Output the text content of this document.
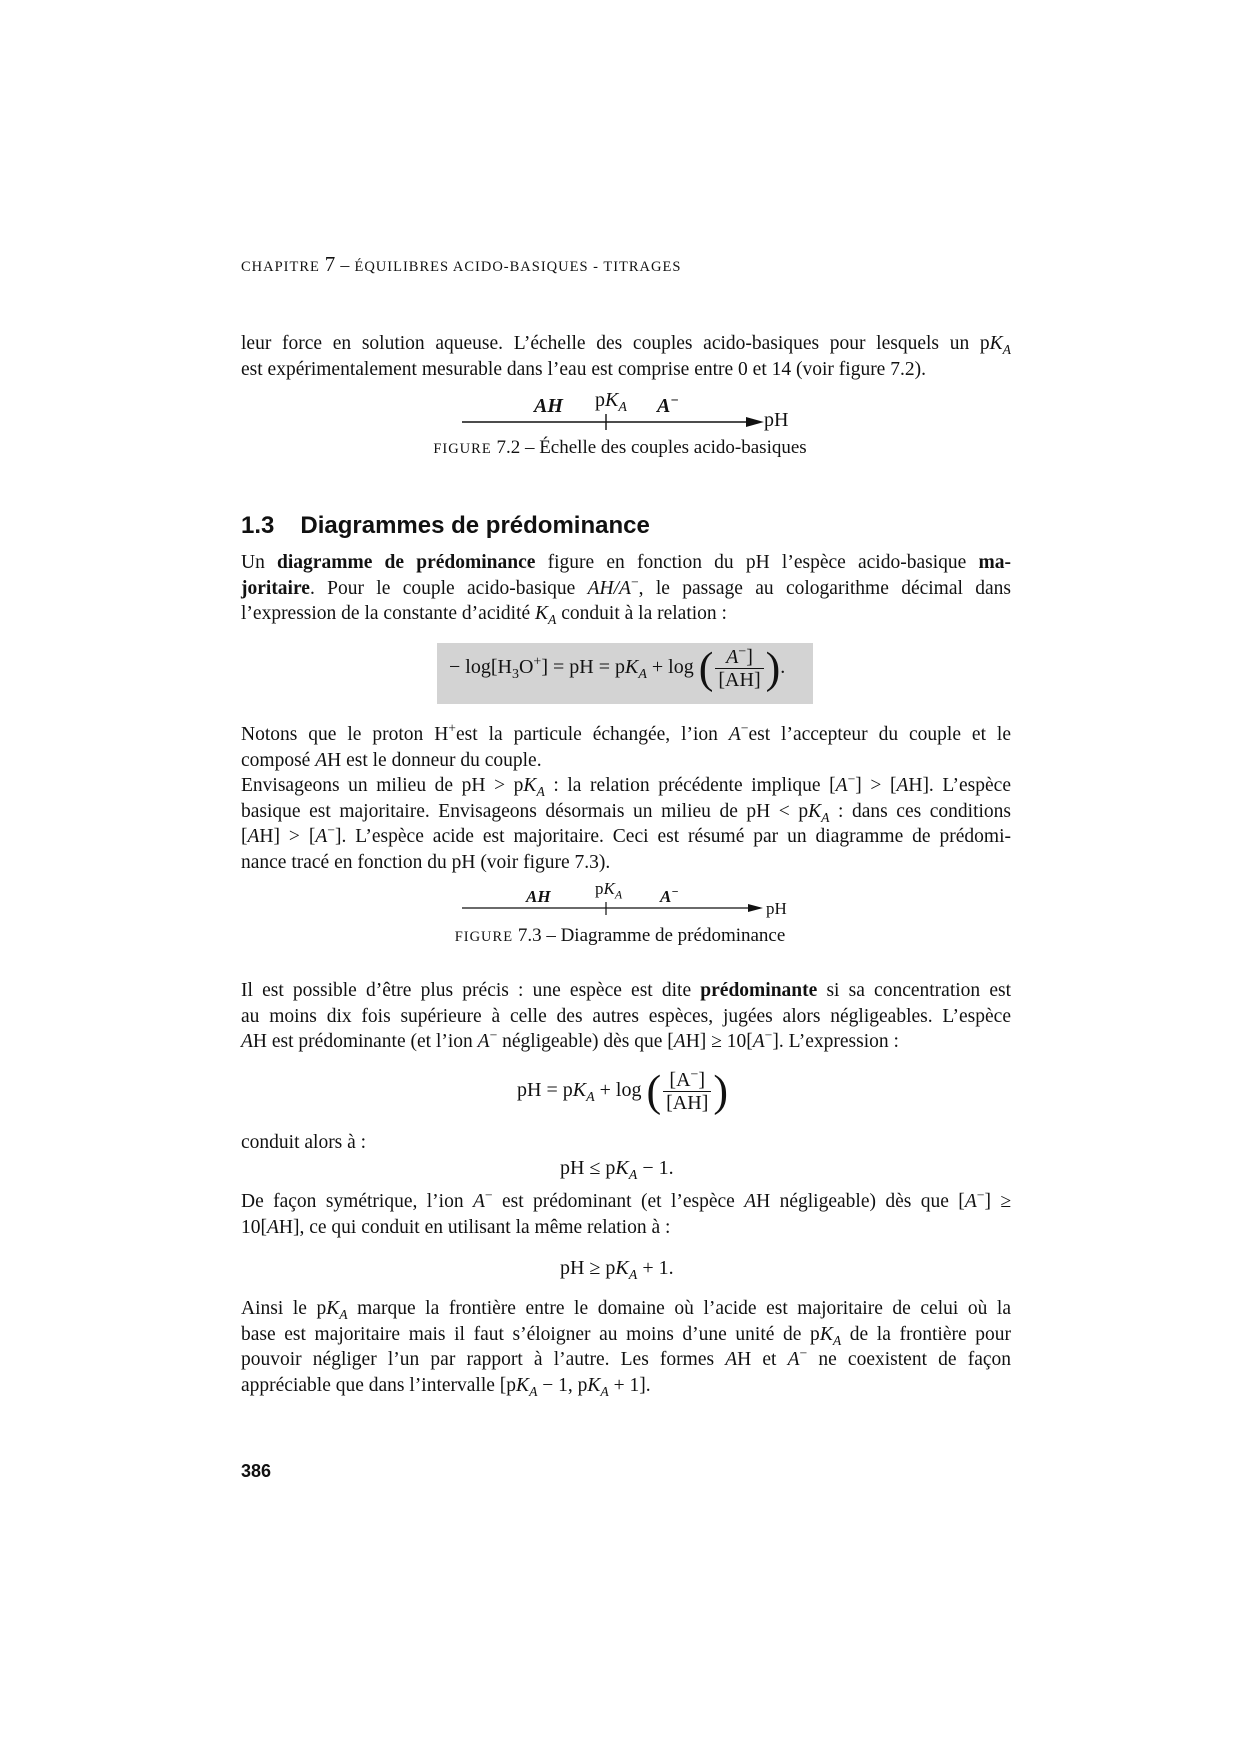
CHAPITRE 7 – ÉQUILIBRES ACIDO-BASIQUES - TITRAGES
leur force en solution aqueuse. L’échelle des couples acido-basiques pour lesquels un $pK_A$
est expérimentalement mesurable dans l’eau est comprise entre 0 et 14 (voir figure 7.2).
AH $pK_A$ A−
pH
FIGURE 7.2 – Échelle des couples acido-basiques
1.3 Diagrammes de prédominance
Un diagramme de prédominance figure en fonction du pH l’espèce acido-basique ma-
joritaire. Pour le couple acido-basique AH/A−, le passage au cologarithme décimal dans
l’expression de la constante d’acidité $K_A$ conduit à la relation :
− $\log[H_3O^+]$ = pH = $pK_A + \log$ ( $\frac{A^-]}{[AH]}$ ).
Notons que le proton H+est la particule échangée, l’ion A−est l’accepteur du couple et le
composé AH est le donneur du couple.
Envisageons un milieu de pH > $pK_A$ : la relation précédente implique [A−] > [AH]. L’espèce
basique est majoritaire. Envisageons désormais un milieu de pH < $pK_A$ : dans ces conditions
[AH] > [A−]. L’espèce acide est majoritaire. Ceci est résumé par un diagramme de prédomi-
nance tracé en fonction du pH (voir figure 7.3).
AH	$pK_A$ A−
pH
FIGURE 7.3 – Diagramme de prédominance
Il est possible d’être plus précis : une espèce est dite prédominante si sa concentration est
au moins dix fois supérieure à celle des autres espèces, jugées alors négligeables. L’espèce
AH est prédominante (et l’ion A− négligeable) dès que [AH] ≥ 10[A−]. L’expression :
pH = $pK_A + \log$ ( $\frac{[A^-]}{[AH]}$ )
conduit alors à :
pH ≤ $pK_A - 1$.
De façon symétrique, l’ion A− est prédominant (et l’espèce AH négligeable) dès que [A−] ≥
10[AH], ce qui conduit en utilisant la même relation à :
pH ≥ $pK_A + 1$.
Ainsi le $pK_A$ marque la frontière entre le domaine où l’acide est majoritaire de celui où la
base est majoritaire mais il faut s’éloigner au moins d’une unité de $pK_A$ de la frontière pour
pouvoir négliger l’un par rapport à l’autre. Les formes AH et A− ne coexistent de façon
appréciable que dans l’intervalle [$pK_A - 1$, $pK_A + 1$].
386
